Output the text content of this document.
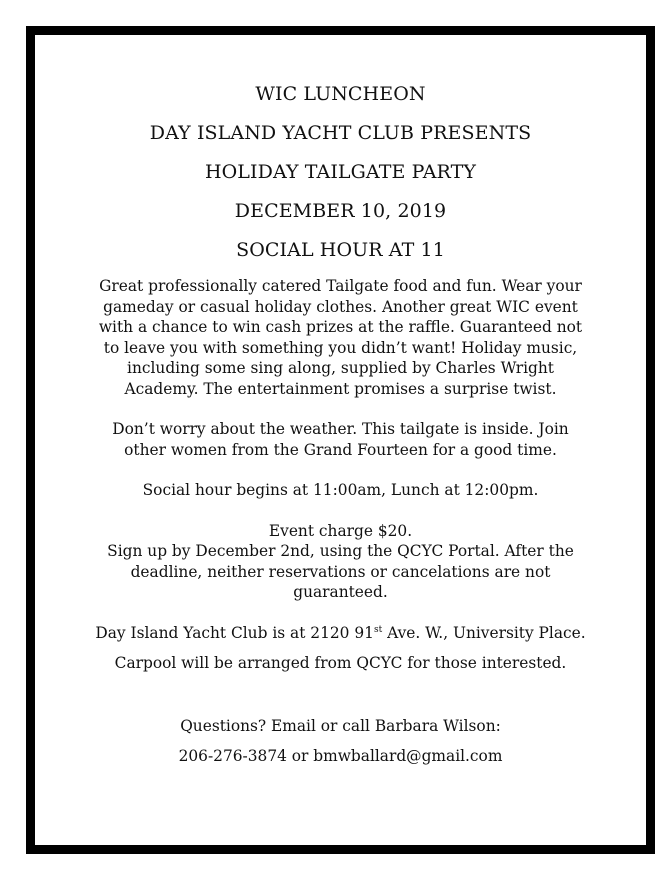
WIC LUNCHEON
DAY ISLAND YACHT CLUB PRESENTS
HOLIDAY TAILGATE PARTY
DECEMBER 10, 2019
SOCIAL HOUR AT 11
Great professionally catered Tailgate food and fun. Wear your gameday or casual holiday clothes. Another great WIC event with a chance to win cash prizes at the raffle. Guaranteed not to leave you with something you didn’t want! Holiday music, including some sing along, supplied by Charles Wright Academy. The entertainment promises a surprise twist.
Don’t worry about the weather. This tailgate is inside. Join other women from the Grand Fourteen for a good time.
Social hour begins at 11:00am, Lunch at 12:00pm.
Event charge $20.
Sign up by December 2nd, using the QCYC Portal. After the deadline, neither reservations or cancelations are not guaranteed.
Day Island Yacht Club is at 2120 91st Ave. W., University Place.
Carpool will be arranged from QCYC for those interested.
Questions? Email or call Barbara Wilson:
206-276-3874 or bmwballard@gmail.com
